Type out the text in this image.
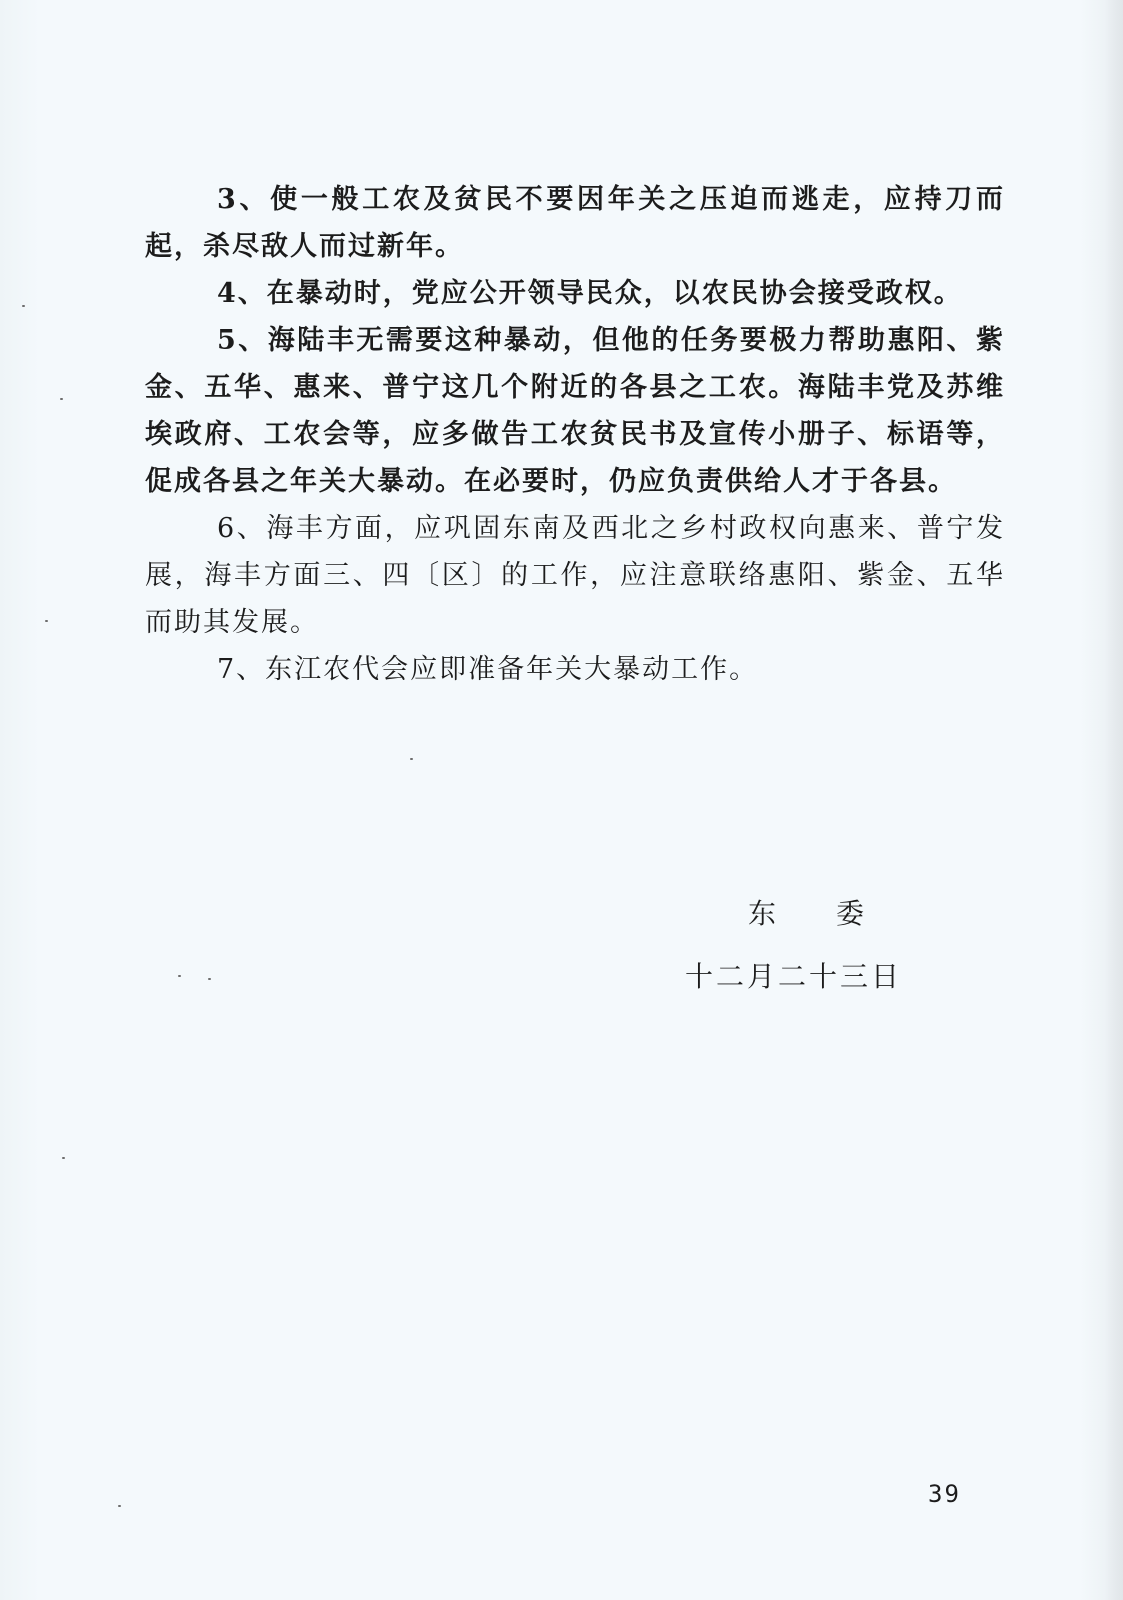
3、使一般工农及贫民不要因年关之压迫而逃走，应持刀而起，杀尽敌人而过新年。

4、在暴动时，党应公开领导民众，以农民协会接受政权。

5、海陆丰无需要这种暴动，但他的任务要极力帮助惠阳、紫金、五华、惠来、普宁这几个附近的各县之工农。海陆丰党及苏维埃政府、工农会等，应多做告工农贫民书及宣传小册子、标语等，促成各县之年关大暴动。在必要时，仍应负责供给人才于各县。

6、海丰方面，应巩固东南及西北之乡村政权向惠来、普宁发展，海丰方面三、四〔区〕的工作，应注意联络惠阳、紫金、五华而助其发展。

7、东江农代会应即准备年关大暴动工作。

东委
十二月二十三日
39
